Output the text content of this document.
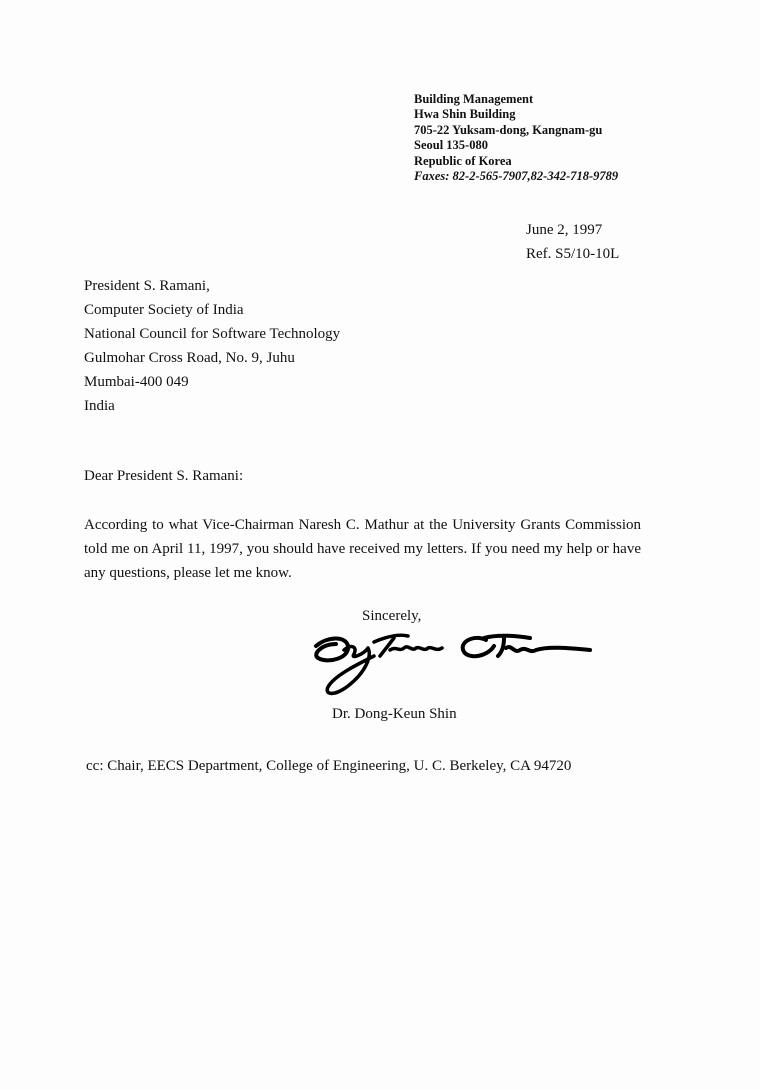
Building Management
Hwa Shin Building
705-22 Yuksam-dong, Kangnam-gu
Seoul 135-080
Republic of Korea
Faxes: 82-2-565-7907,82-342-718-9789
June 2, 1997
Ref. S5/10-10L
President S. Ramani,
Computer Society of India
National Council for Software Technology
Gulmohar Cross Road, No. 9, Juhu
Mumbai-400 049
India
Dear President S. Ramani:
According to what Vice-Chairman Naresh C. Mathur at the University Grants Commission told me on April 11, 1997, you should have received my letters. If you need my help or have any questions, please let me know.
Sincerely,
Dr. Dong-Keun Shin
cc: Chair, EECS Department, College of Engineering, U. C. Berkeley, CA 94720
